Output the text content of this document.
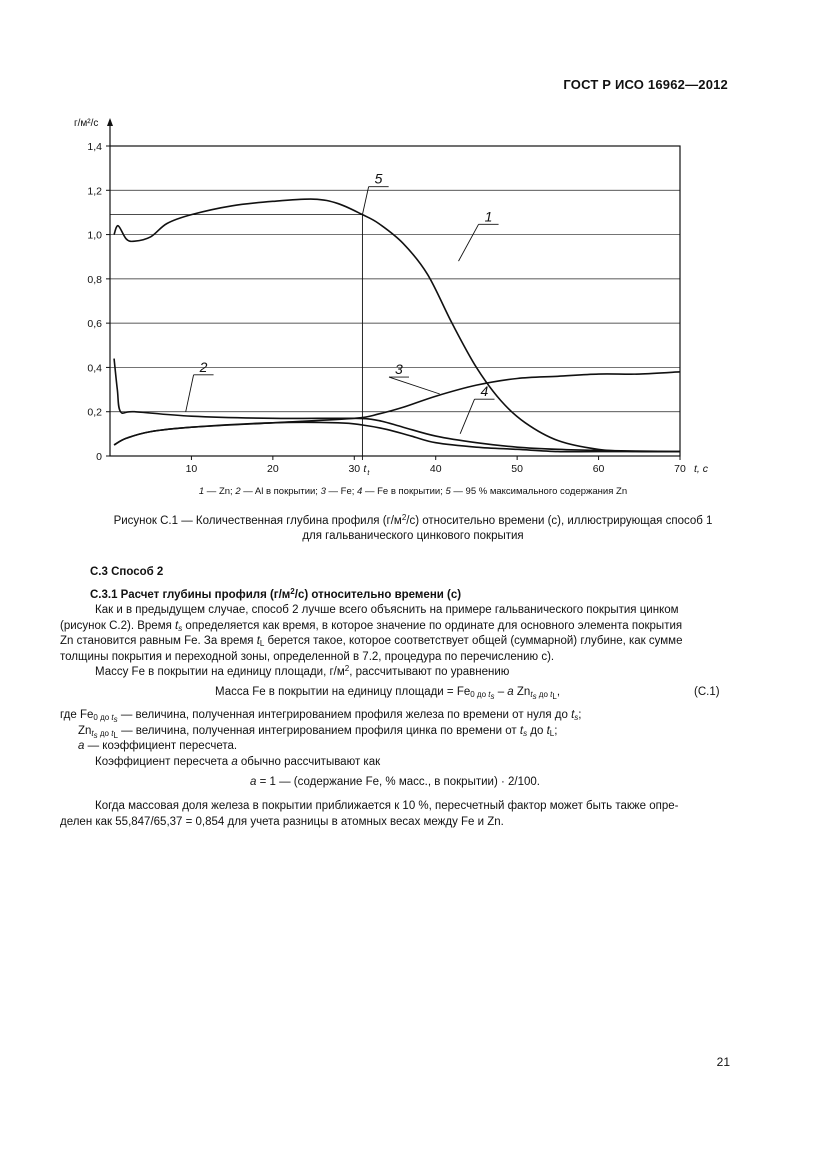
ГОСТ Р ИСО 16962—2012
0
0,2
0,4
0,6
0,8
1,0
1,2
1,4
10	20	30	40	50	60	70 t, с
t t
1
2	3
4
5
г/м²/с
1 — Zn; 2 — Al в покрытии; 3 — Fe; 4 — Fe в покрытии; 5 — 95 % максимального содержания Zn
Рисунок С.1 — Количественная глубина профиля $(г/м^2/с)$ относительно времени (с), иллюстрирующая способ 1
для гальванического цинкового покрытия
С.3 Способ 2
С.3.1 Расчет глубины профиля $(г/м^2/с)$ относительно времени (с)
Как и в предыдущем случае, способ 2 лучше всего объяснить на примере гальванического покрытия цинком
(рисунок С.2). Время $t_s$ определяется как время, в которое значение по ординате для основного элемента покрытия
Zn становится равным Fe. За время $t_L$ берется такое, которое соответствует общей (суммарной) глубине, как сумме
толщины покрытия и переходной зоны, определенной в 7.2, процедура по перечислению с).
Массу Fe в покрытии на единицу площади, $г/м^2$, рассчитывают по уравнению
Масса Fe в покрытии на единицу площади = $Fe_{0 до t_s}$ – a $Zn_{t_s до t_L}$,	(С.1)
где $Fe_{0 до t_s}$ — величина, полученная интегрированием профиля железа по времени от нуля до $t_s$;
$Zn_{t_s до t_L}$ — величина, полученная интегрированием профиля цинка по времени от $t_s$ до $t_L$;
a — коэффициент пересчета.
Коэффициент пересчета a обычно рассчитывают как
a = 1 — (содержание Fe, % масс., в покрытии) · 2/100.
Когда массовая доля железа в покрытии приближается к 10 %, пересчетный фактор может быть также опре-
делен как 55,847/65,37 = 0,854 для учета разницы в атомных весах между Fe и Zn.
21
